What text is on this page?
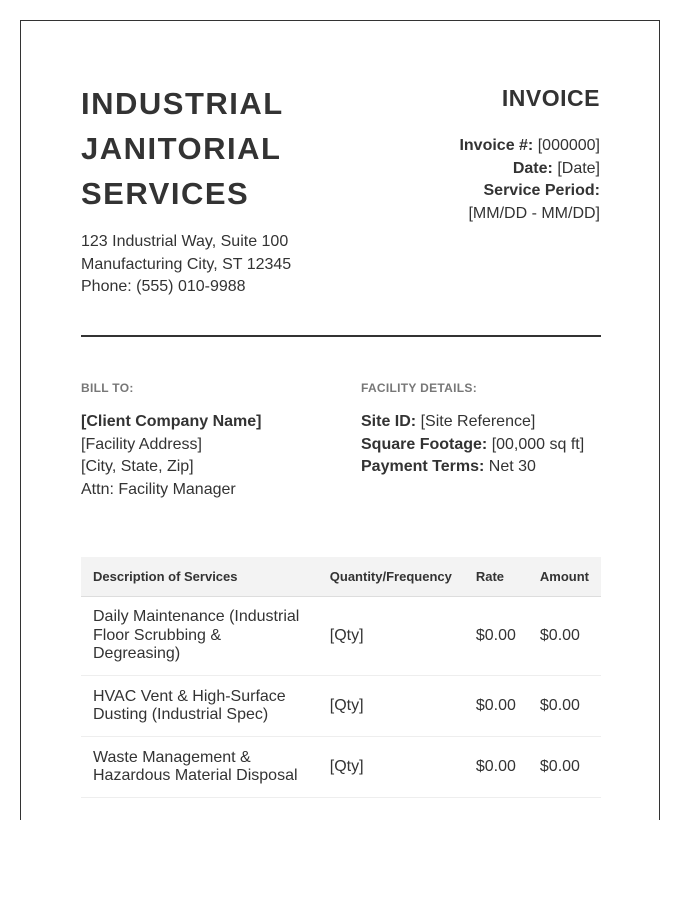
INDUSTRIAL
JANITORIAL
SERVICES
123 Industrial Way, Suite 100
Manufacturing City, ST 12345
Phone: (555) 010-9988
INVOICE
Invoice #: [000000]
Date: [Date]
Service Period:
[MM/DD - MM/DD]
BILL TO:	FACILITY DETAILS:
[Client Company Name]
[Facility Address]
[City, State, Zip]
Attn: Facility Manager
Site ID: [Site Reference]
Square Footage: [00,000 sq ft]
Payment Terms: Net 30
Description of Services	Quantity/Frequency	Rate	Amount
Daily Maintenance (Industrial Floor Scrubbing & Degreasing)	[Qty]	$0.00	$0.00
HVAC Vent & High-Surface Dusting (Industrial Spec)	[Qty]	$0.00	$0.00
Waste Management & Hazardous Material Disposal	[Qty]	$0.00	$0.00
